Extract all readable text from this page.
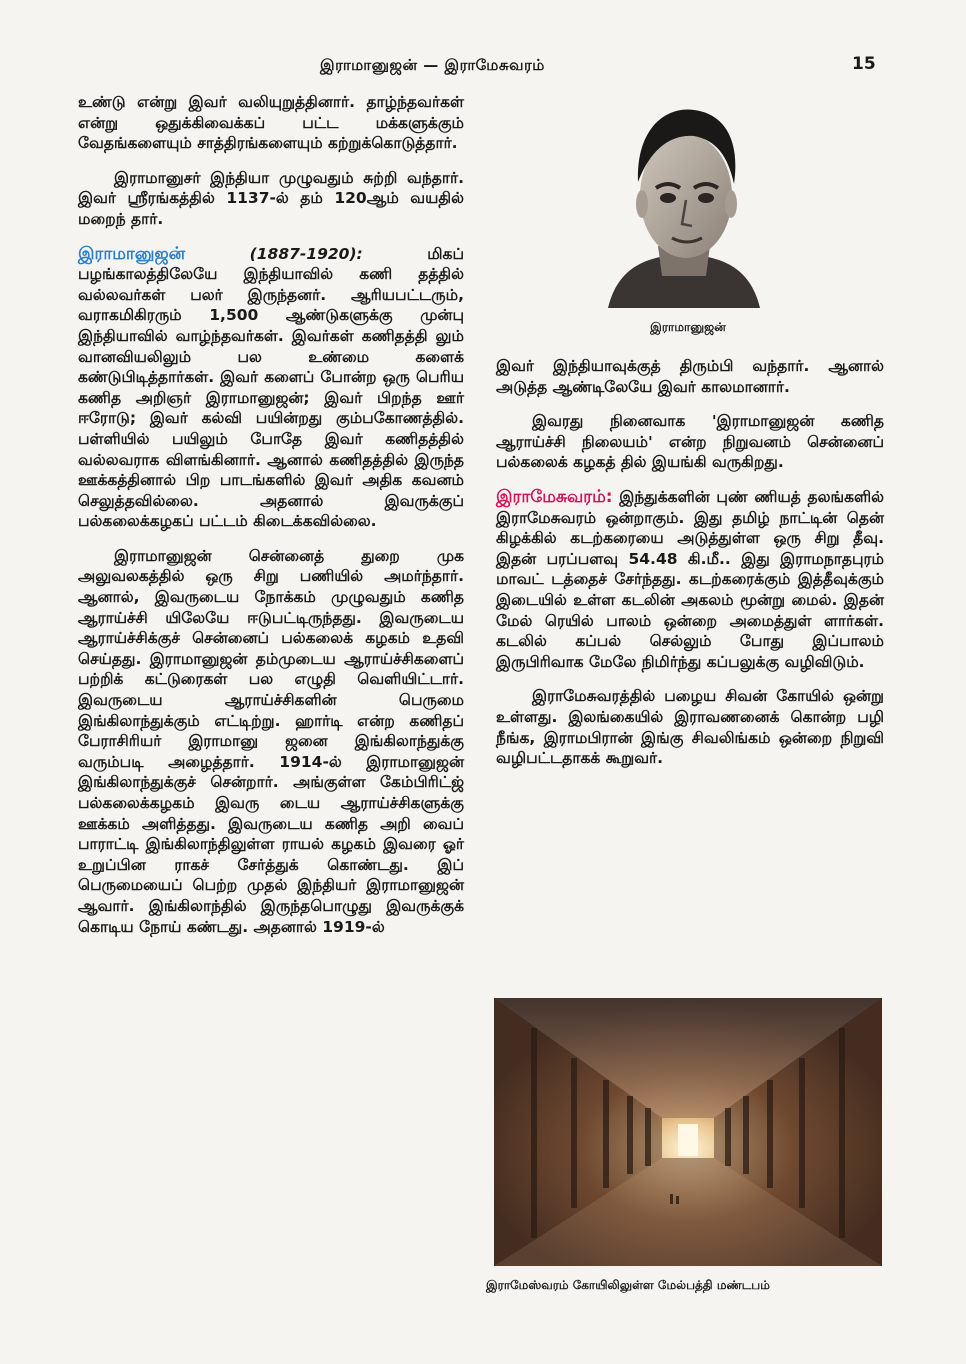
இராமானுஜன் — இராமேசுவரம்	15

உண்டு என்று இவர் வலியுறுத்தினார். தாழ்ந்தவர்கள் என்று ஒதுக்கிவைக்கப் பட்ட மக்களுக்கும் வேதங்களையும் சாத்திரங்களையும் கற்றுக்கொடுத்தார்.

இராமானுசர் இந்தியா முழுவதும் சுற்றி வந்தார். இவர் ஸ்ரீரங்கத்தில் 1137-ல் தம் 120ஆம் வயதில் மறைந் தார்.

இராமானுஜன்	(1887-1920):	மிகப் பழங்காலத்திலேயே இந்தியாவில் கணி தத்தில் வல்லவர்கள் பலர் இருந்தனர். ஆரியபட்டரும், வராகமிகிரரும் 1,500 ஆண்டுகளுக்கு முன்பு இந்தியாவில் வாழ்ந்தவர்கள். இவர்கள் கணிதத்தி லும் வானவியலிலும் பல உண்மை களைக் கண்டுபிடித்தார்கள். இவர் களைப் போன்ற ஒரு பெரிய கணித அறிஞர் இராமானுஜன்; இவர் பிறந்த ஊர் ஈரோடு; இவர் கல்வி பயின்றது கும்பகோணத்தில். பள்ளியில் பயிலும் போதே இவர் கணிதத்தில் வல்லவராக விளங்கினார். ஆனால் கணிதத்தில் இருந்த ஊக்கத்தினால் பிற பாடங்களில் இவர் அதிக கவனம் செலுத்தவில்லை. அதனால் இவருக்குப் பல்கலைக்கழகப் பட்டம் கிடைக்கவில்லை.

இராமானுஜன் சென்னைத் துறை முக அலுவலகத்தில் ஒரு சிறு பணியில் அமர்ந்தார். ஆனால், இவருடைய நோக்கம் முழுவதும் கணித ஆராய்ச்சி யிலேயே ஈடுபட்டிருந்தது. இவருடைய ஆராய்ச்சிக்குச் சென்னைப் பல்கலைக் கழகம் உதவி செய்தது. இராமானுஜன் தம்முடைய ஆராய்ச்சிகளைப் பற்றிக் கட்டுரைகள் பல எழுதி வெளியிட்டார். இவருடைய ஆராய்ச்சிகளின் பெருமை இங்கிலாந்துக்கும் எட்டிற்று. ஹார்டி என்ற கணிதப் பேராசிரியர் இராமானு ஜனை இங்கிலாந்துக்கு வரும்படி அழைத்தார். 1914-ல் இராமானுஜன் இங்கிலாந்துக்குச் சென்றார். அங்குள்ள கேம்பிரிட்ஜ் பல்கலைக்கழகம் இவரு டைய ஆராய்ச்சிகளுக்கு ஊக்கம் அளித்தது. இவருடைய கணித அறி வைப் பாராட்டி இங்கிலாந்திலுள்ள ராயல் கழகம் இவரை ஓர் உறுப்பின ராகச் சேர்த்துக் கொண்டது. இப் பெருமையைப் பெற்ற முதல் இந்தியர் இராமானுஜன் ஆவார். இங்கிலாந்தில் இருந்தபொழுது இவருக்குக் கொடிய நோய் கண்டது. அதனால் 1919-ல்

இராமானுஜன்

இவர் இந்தியாவுக்குத் திரும்பி வந்தார். ஆனால் அடுத்த ஆண்டிலேயே இவர் காலமானார்.

இவரது நினைவாக 'இராமானுஜன் கணித ஆராய்ச்சி நிலையம்' என்ற நிறுவனம் சென்னைப் பல்கலைக் கழகத் தில் இயங்கி வருகிறது.

இராமேசுவரம்: இந்துக்களின் புண் ணியத் தலங்களில் இராமேசுவரம் ஒன்றாகும். இது தமிழ் நாட்டின் தென் கிழக்கில் கடற்கரையை அடுத்துள்ள ஒரு சிறு தீவு. இதன் பரப்பளவு 54.48 கி.மீ.. இது இராமநாதபுரம் மாவட் டத்தைச் சேர்ந்தது. கடற்கரைக்கும் இத்தீவுக்கும் இடையில் உள்ள கடலின் அகலம் மூன்று மைல். இதன் மேல் ரெயில் பாலம் ஒன்றை அமைத்துள் ளார்கள். கடலில் கப்பல் செல்லும் போது இப்பாலம் இருபிரிவாக மேலே நிமிர்ந்து கப்பலுக்கு வழிவிடும்.

இராமேசுவரத்தில் பழைய சிவன் கோயில் ஒன்று உள்ளது. இலங்கையில் இராவணனைக் கொன்ற பழி நீங்க, இராமபிரான் இங்கு சிவலிங்கம் ஒன்றை நிறுவி வழிபட்டதாகக் கூறுவர்.

இராமேஸ்வரம் கோயிலிலுள்ள மேல்பத்தி மண்டபம்
